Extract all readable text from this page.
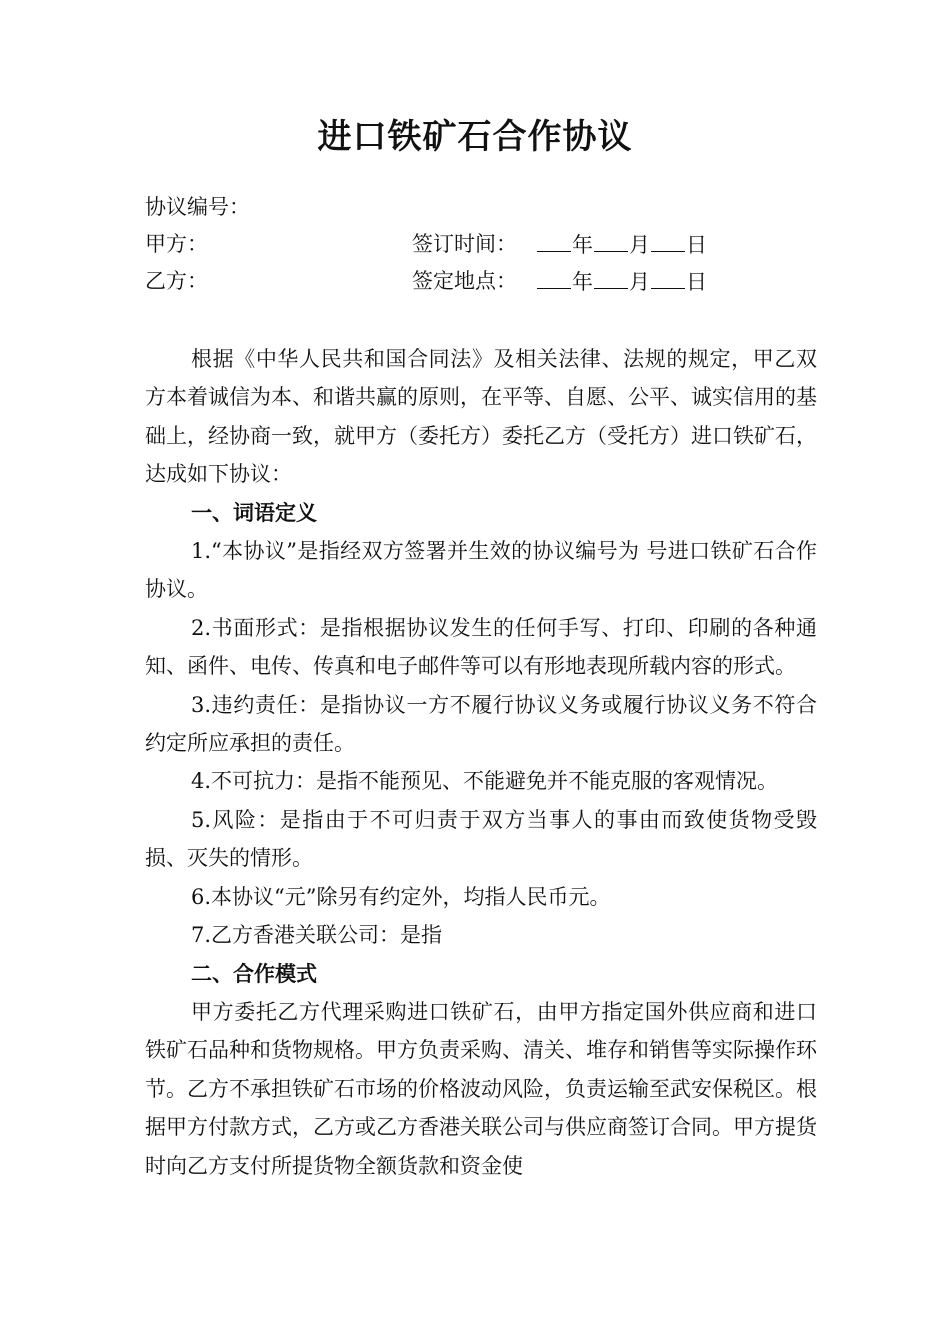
进口铁矿石合作协议
协议编号：
甲方：
乙方：
签订时间：	年 月 日
签定地点：	年 月 日

根据《中华人民共和国合同法》及相关法律、法规的规定，甲乙双方本着诚信为本、和谐共赢的原则，在平等、自愿、公平、诚实信用的基础上，经协商一致，就甲方（委托方）委托乙方（受托方）进口铁矿石，达成如下协议：

一、词语定义

1.“本协议”是指经双方签署并生效的协议编号为 号进口铁矿石合作协议。

2.书面形式：是指根据协议发生的任何手写、打印、印刷的各种通知、函件、电传、传真和电子邮件等可以有形地表现所载内容的形式。

3.违约责任：是指协议一方不履行协议义务或履行协议义务不符合约定所应承担的责任。

4.不可抗力：是指不能预见、不能避免并不能克服的客观情况。

5.风险：是指由于不可归责于双方当事人的事由而致使货物受毁损、灭失的情形。

6.本协议“元”除另有约定外，均指人民币元。

7.乙方香港关联公司：是指

二、合作模式

甲方委托乙方代理采购进口铁矿石，由甲方指定国外供应商和进口铁矿石品种和货物规格。甲方负责采购、清关、堆存和销售等实际操作环节。乙方不承担铁矿石市场的价格波动风险，负责运输至武安保税区。根据甲方付款方式，乙方或乙方香港关联公司与供应商签订合同。甲方提货时向乙方支付所提货物全额货款和资金使
